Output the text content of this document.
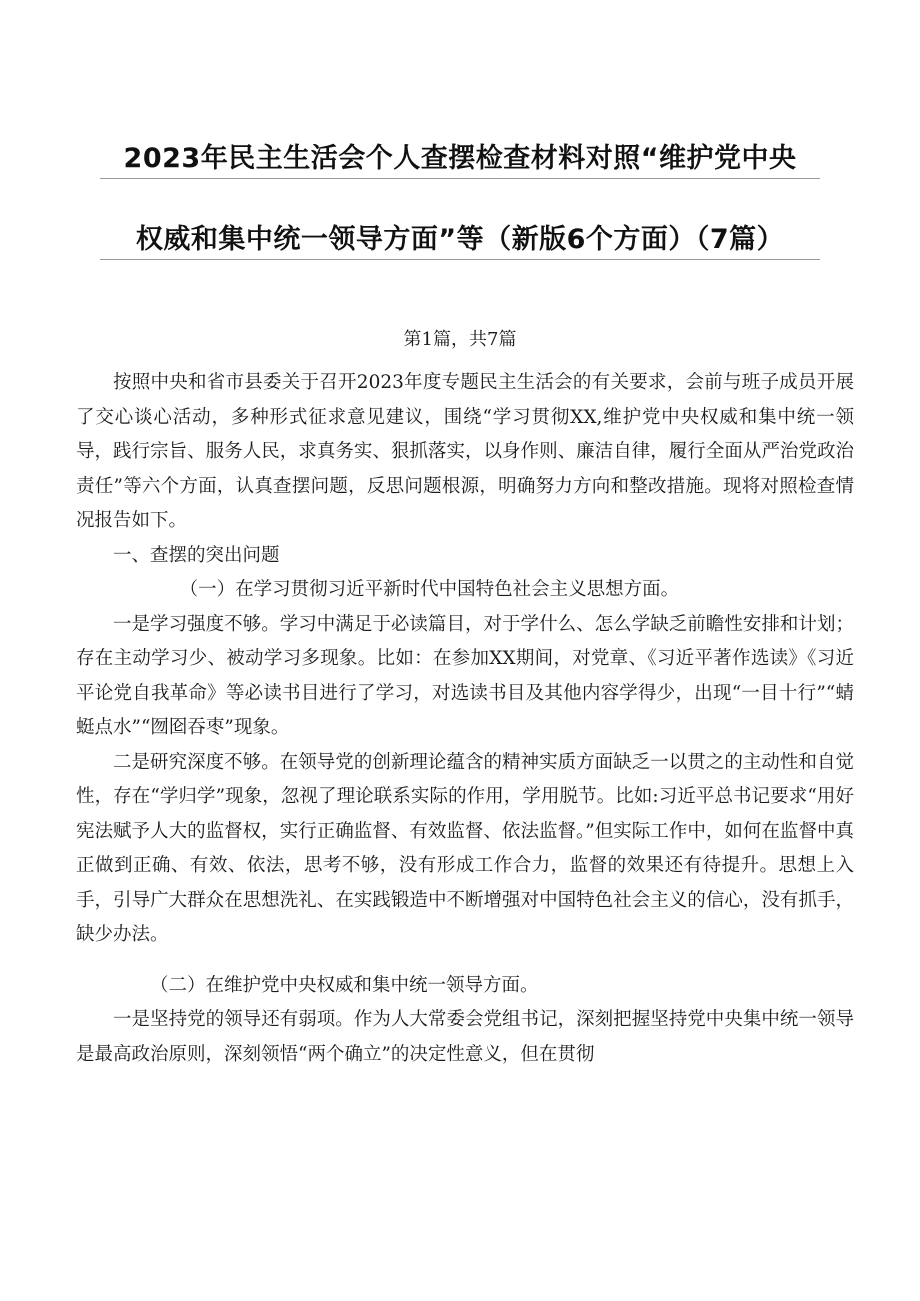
2023年民主生活会个人查摆检查材料对照“维护党中央
权威和集中统一领导方面”等（新版6个方面）（7篇）
第1篇，共7篇

按照中央和省市县委关于召开2023年度专题民主生活会的有关要求，会前与班子成员开展了交心谈心活动，多种形式征求意见建议，围绕“学习贯彻XX,维护党中央权威和集中统一领导，践行宗旨、服务人民，求真务实、狠抓落实，以身作则、廉洁自律，履行全面从严治党政治责任”等六个方面，认真查摆问题，反思问题根源，明确努力方向和整改措施。现将对照检查情况报告如下。

一、查摆的突出问题

（一）在学习贯彻习近平新时代中国特色社会主义思想方面。

一是学习强度不够。学习中满足于必读篇目，对于学什么、怎么学缺乏前瞻性安排和计划；存在主动学习少、被动学习多现象。比如：在参加XX期间，对党章、《习近平著作选读》《习近平论党自我革命》等必读书目进行了学习，对选读书目及其他内容学得少，出现“一目十行”“蜻蜓点水”“囫囵吞枣”现象。

二是研究深度不够。在领导党的创新理论蕴含的精神实质方面缺乏一以贯之的主动性和自觉性，存在“学归学”现象，忽视了理论联系实际的作用，学用脱节。比如:习近平总书记要求“用好宪法赋予人大的监督权，实行正确监督、有效监督、依法监督。”但实际工作中，如何在监督中真正做到正确、有效、依法，思考不够，没有形成工作合力，监督的效果还有待提升。思想上入手，引导广大群众在思想洗礼、在实践锻造中不断增强对中国特色社会主义的信心，没有抓手，缺少办法。

（二）在维护党中央权威和集中统一领导方面。

一是坚持党的领导还有弱项。作为人大常委会党组书记，深刻把握坚持党中央集中统一领导是最高政治原则，深刻领悟“两个确立”的决定性意义，但在贯彻
